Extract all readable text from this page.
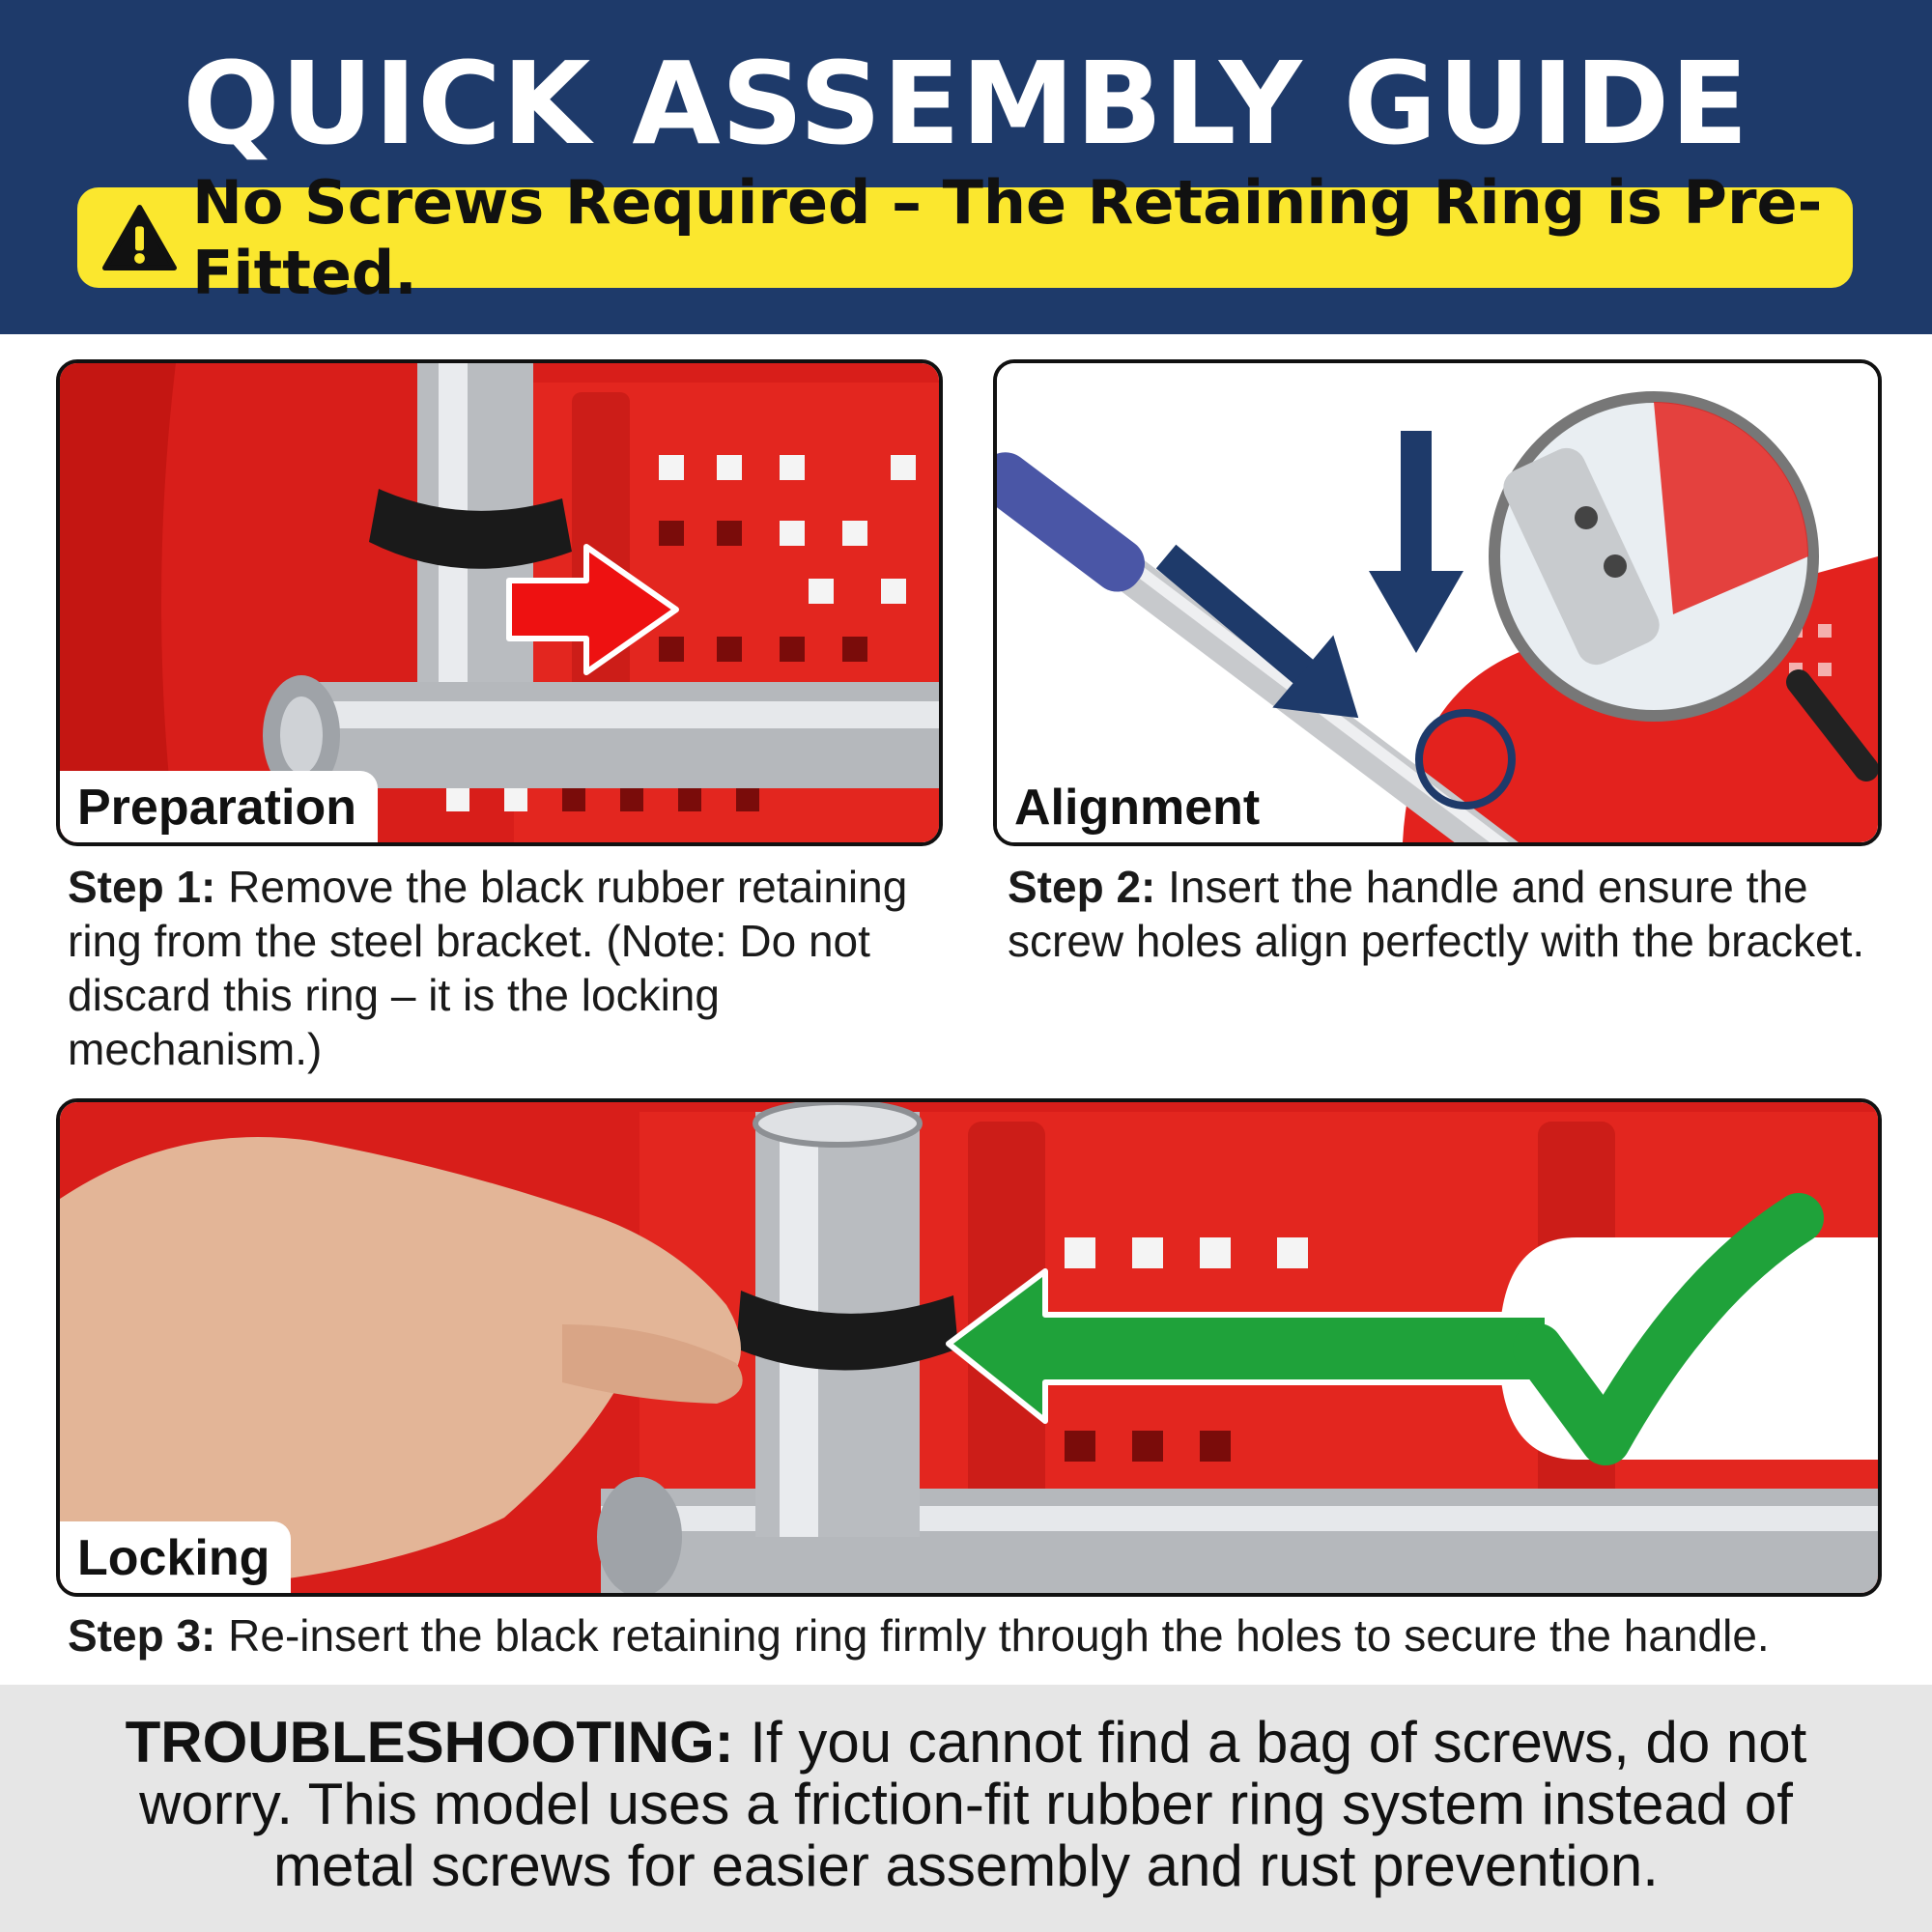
QUICK ASSEMBLY GUIDE
No Screws Required – The Retaining Ring is Pre-Fitted.
Preparation	Alignment
Step 1: Remove the black rubber retaining ring from the steel bracket. (Note: Do not discard this ring – it is the locking mechanism.)
Step 2: Insert the handle and ensure the screw holes align perfectly with the bracket.
Locking
Step 3: Re-insert the black retaining ring firmly through the holes to secure the handle.

TROUBLESHOOTING: If you cannot find a bag of screws, do not worry. This model uses a friction-fit rubber ring system instead of metal screws for easier assembly and rust prevention.
